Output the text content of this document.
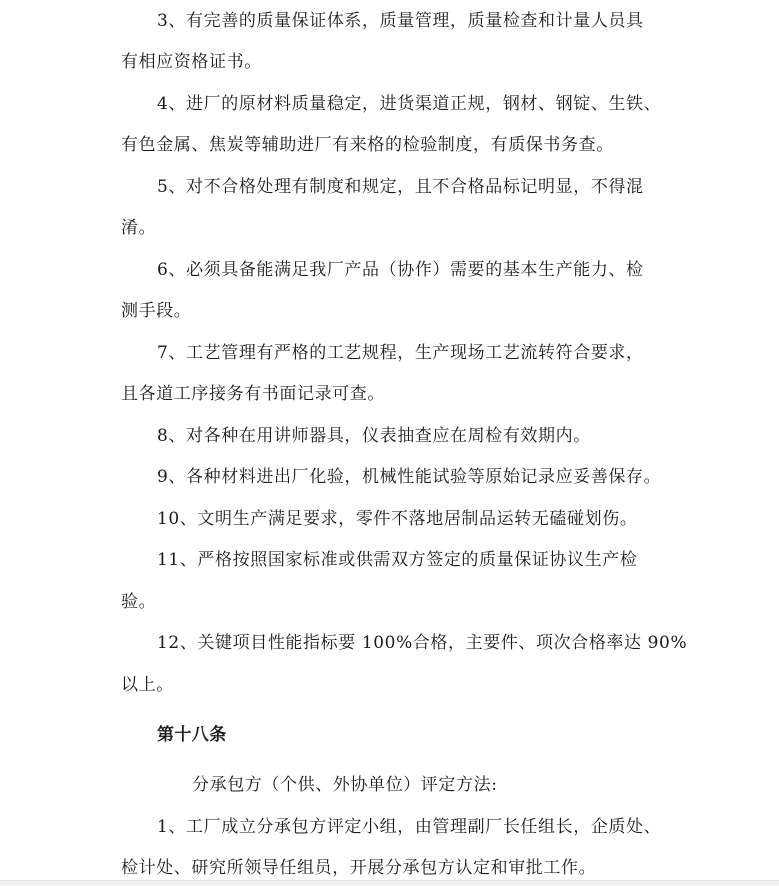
3、有完善的质量保证体系，质量管理，质量检查和计量人员具
有相应资格证书。
4、进厂的原材料质量稳定，进货渠道正规，钢材、钢锭、生铁、
有色金属、焦炭等辅助进厂有来格的检验制度，有质保书务查。
5、对不合格处理有制度和规定，且不合格品标记明显，不得混
淆。
6、必须具备能满足我厂产品（协作）需要的基本生产能力、检
测手段。
7、工艺管理有严格的工艺规程，生产现场工艺流转符合要求，
且各道工序接务有书面记录可查。
8、对各种在用讲师器具，仪表抽查应在周检有效期内。
9、各种材料进出厂化验，机械性能试验等原始记录应妥善保存。
10、文明生产满足要求，零件不落地居制品运转无磕碰划伤。
11、严格按照国家标准或供需双方签定的质量保证协议生产检
验。
12、关键项目性能指标要 100%合格，主要件、项次合格率达 90%
以上。
第十八条
分承包方（个供、外协单位）评定方法:
1、工厂成立分承包方评定小组，由管理副厂长任组长，企质处、
检计处、研究所领导任组员，开展分承包方认定和审批工作。
